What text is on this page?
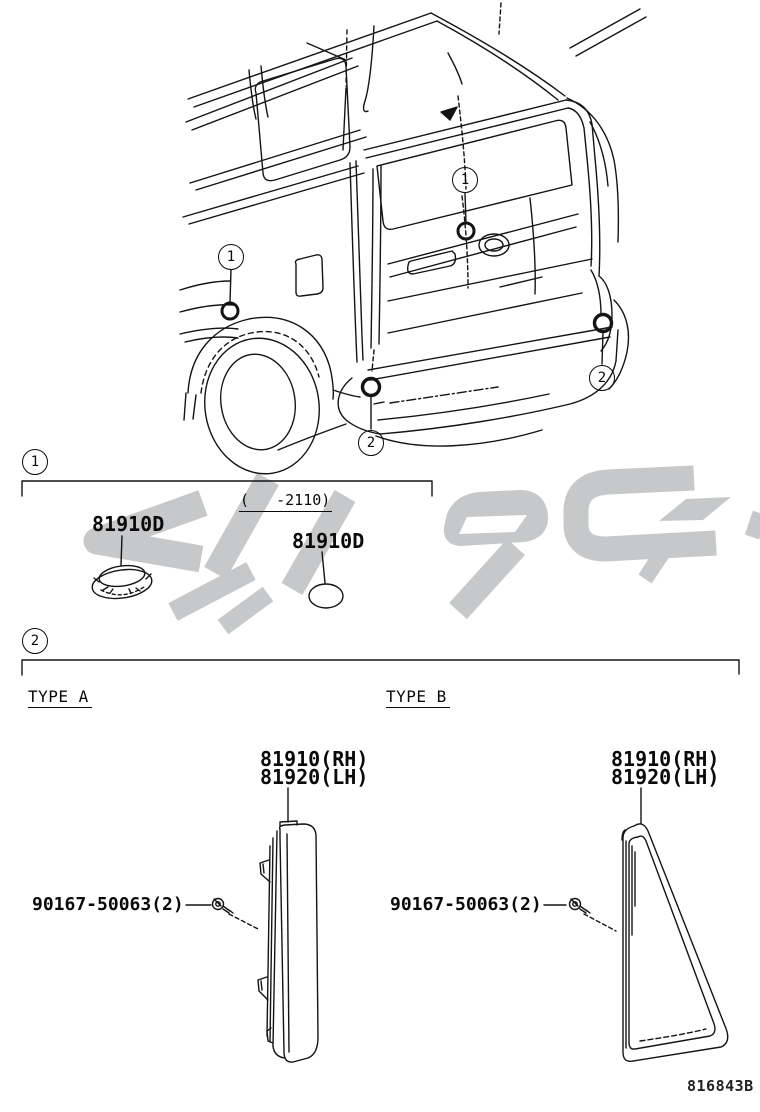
1
1
2
2
1
2
81910D
(   -2110)
81910D
TYPE A	TYPE B
81910(RH)
81920(LH)
81910(RH)
81920(LH)
90167-50063(2)	90167-50063(2)
816843B
